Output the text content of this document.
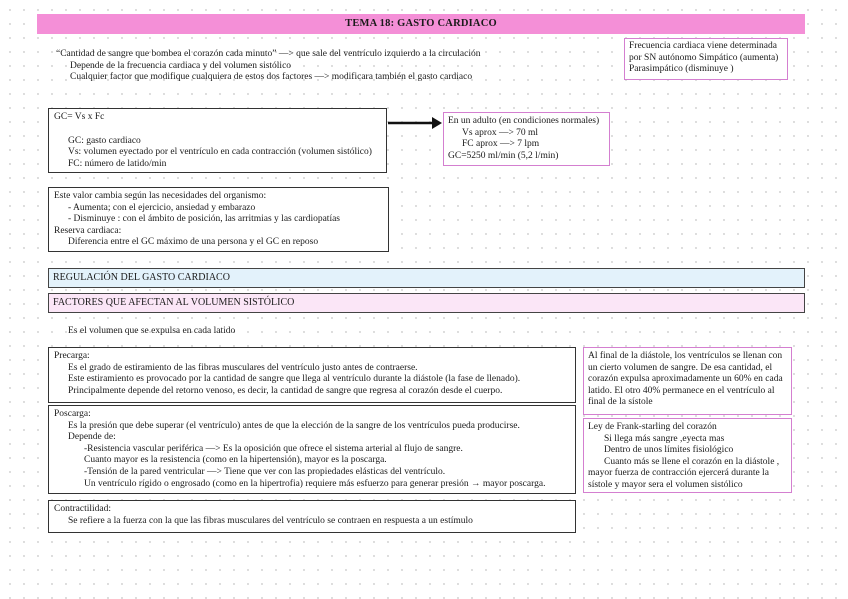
TEMA 18: GASTO CARDIACO
“Cantidad de sangre que bombea el corazón cada minuto” —> que sale del ventrículo izquierdo a la circulación
Depende de la frecuencia cardiaca y del volumen sistólico
Cualquier factor que modifique cualquiera de estos dos factores —> modificara también el gasto cardiaco
Frecuencia cardiaca viene determinada
por SN autónomo Simpático (aumenta)
Parasimpático (disminuye )
GC= Vs x Fc
GC: gasto cardiaco
Vs: volumen eyectado por el ventrículo en cada contracción (volumen sistólico)
FC: número de latido/min
En un adulto (en condiciones normales)
Vs aprox —> 70 ml
FC aprox —> 7 lpm
GC=5250 ml/min (5,2 l/min)
Este valor cambia según las necesidades del organismo:
- Aumenta; con el ejercicio, ansiedad y embarazo
- Disminuye : con el ámbito de posición, las arritmias y las cardiopatías
Reserva cardiaca:
Diferencia entre el GC máximo de una persona y el GC en reposo
REGULACIÓN DEL GASTO CARDIACO
FACTORES QUE AFECTAN AL VOLUMEN SISTÓLICO
Es el volumen que se expulsa en cada latido
Precarga:
Es el grado de estiramiento de las fibras musculares del ventrículo justo antes de contraerse.
Este estiramiento es provocado por la cantidad de sangre que llega al ventrículo durante la diástole (la fase de llenado).
Principalmente depende del retorno venoso, es decir, la cantidad de sangre que regresa al corazón desde el cuerpo.
Poscarga:
Es la presión que debe superar (el ventrículo) antes de que la elección de la sangre de los ventrículos pueda producirse.
Depende de:
-Resistencia vascular periférica —> Es la oposición que ofrece el sistema arterial al flujo de sangre.
Cuanto mayor es la resistencia (como en la hipertensión), mayor es la poscarga.
-Tensión de la pared ventricular —> Tiene que ver con las propiedades elásticas del ventrículo.
Un ventrículo rígido o engrosado (como en la hipertrofia) requiere más esfuerzo para generar presión → mayor poscarga.
Contractilidad:
Se refiere a la fuerza con la que las fibras musculares del ventrículo se contraen en respuesta a un estímulo
Al final de la diástole, los ventrículos se llenan con un cierto volumen de sangre. De esa cantidad, el corazón expulsa aproximadamente un 60% en cada latido. El otro 40% permanece en el ventrículo al final de la sístole
Ley de Frank-starling del corazón
Si llega más sangre ,eyecta mas
Dentro de unos límites fisiológico
Cuanto más se llene el corazón en la diástole , mayor fuerza de contracción ejercerá durante la sístole y mayor sera el volumen sistólico
